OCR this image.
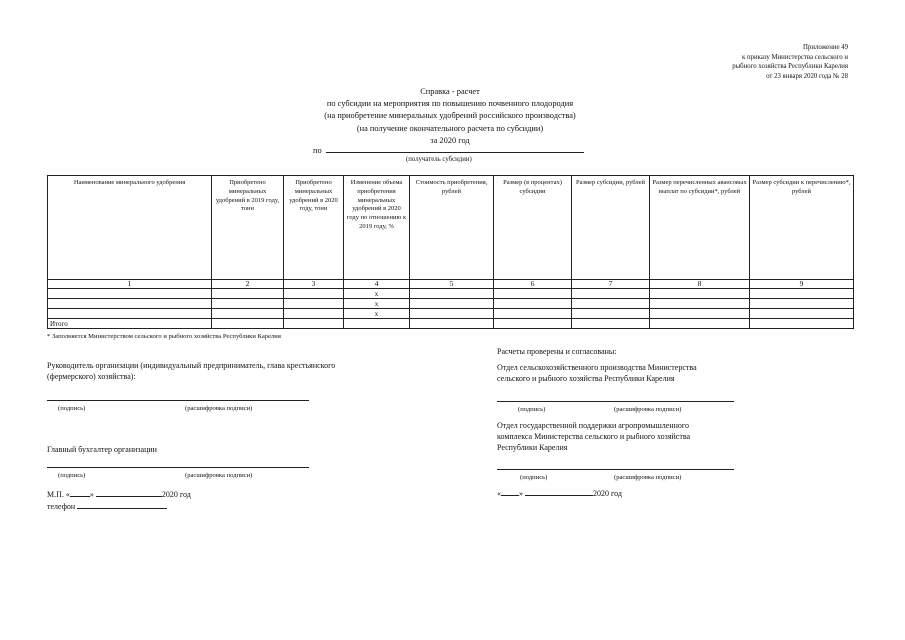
Приложение 49
к приказу Министерства сельского и
рыбного хозяйства Республики Карелия
от 23 января 2020 года № 28
Справка - расчет
по субсидии на мероприятия по повышению почвенного плодородия
(на приобретение минеральных удобрений российского производства)
(на получение окончательного расчета по субсидии)
за 2020 год
по
(получатель субсидии)
Наименование минерального удобрения	Приобретено минеральных удобрений в 2019 году, тонн	Приобретено минеральных удобрений в 2020 году, тонн	Изменение объема приобретения минеральных удобрений в 2020 году по отношению к 2019 году, %	Стоимость приобретения, рублей	Размер (в процентах) субсидии	Размер субсидии, рублей	Размер перечисленных авансовых выплат по субсидии*, рублей	Размер субсидии к перечислению*, рублей
1	2	3	4	5	6	7	8	9
			х					
			х					
			х					
Итого								
* Заполняется Министерством сельского и рыбного хозяйства Республики Карелия
Руководитель организации (индивидуальный предприниматель, глава крестьянского
(фермерского) хозяйства):
(подпись)	(расшифровка подписи)
Главный бухгалтер организации
(подпись)	(расшифровка подписи)
М.П. «	»	2020 год
телефон
Расчеты проверены и согласованы:
Отдел сельскохозяйственного производства Министерства
сельского и рыбного хозяйства Республики Карелия
(подпись)	(расшифровка подписи)
Отдел государственной поддержки агропромышленного
комплекса Министерства сельского и рыбного хозяйства
Республики Карелия
(подпись)	(расшифровка подписи)
« »	2020 год
